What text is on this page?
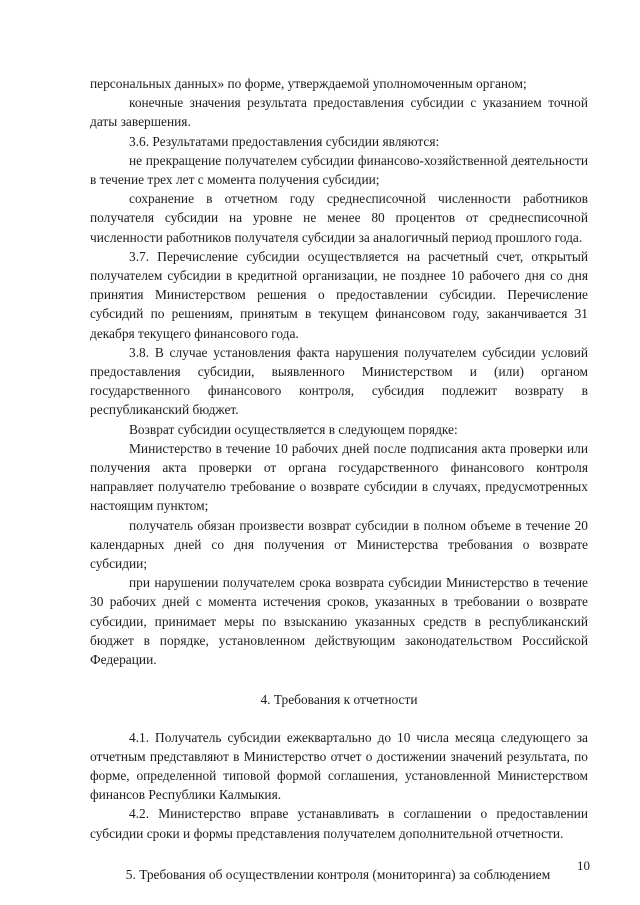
персональных данных» по форме, утверждаемой уполномоченным органом;

конечные значения результата предоставления субсидии с указанием точной даты завершения.

3.6. Результатами предоставления субсидии являются:

не прекращение получателем субсидии финансово-хозяйственной деятельности в течение трех лет с момента получения субсидии;

сохранение в отчетном году среднесписочной численности работников получателя субсидии на уровне не менее 80 процентов от среднесписочной численности работников получателя субсидии за аналогичный период прошлого года.

3.7. Перечисление субсидии осуществляется на расчетный счет, открытый получателем субсидии в кредитной организации, не позднее 10 рабочего дня со дня принятия Министерством решения о предоставлении субсидии. Перечисление субсидий по решениям, принятым в текущем финансовом году, заканчивается 31 декабря текущего финансового года.

3.8. В случае установления факта нарушения получателем субсидии условий предоставления субсидии, выявленного Министерством и (или) органом государственного финансового контроля, субсидия подлежит возврату в республиканский бюджет.

Возврат субсидии осуществляется в следующем порядке:

Министерство в течение 10 рабочих дней после подписания акта проверки или получения акта проверки от органа государственного финансового контроля направляет получателю требование о возврате субсидии в случаях, предусмотренных настоящим пунктом;

получатель обязан произвести возврат субсидии в полном объеме в течение 20 календарных дней со дня получения от Министерства требования о возврате субсидии;

при нарушении получателем срока возврата субсидии Министерство в течение 30 рабочих дней с момента истечения сроков, указанных в требовании о возврате субсидии, принимает меры по взысканию указанных средств в республиканский бюджет в порядке, установленном действующим законодательством Российской Федерации.

4. Требования к отчетности

4.1. Получатель субсидии ежеквартально до 10 числа месяца следующего за отчетным представляют в Министерство отчет о достижении значений результата, по форме, определенной типовой формой соглашения, установленной Министерством финансов Республики Калмыкия.

4.2. Министерство вправе устанавливать в соглашении о предоставлении субсидии сроки и формы представления получателем дополнительной отчетности.

5. Требования об осуществлении контроля (мониторинга) за соблюдением

10
